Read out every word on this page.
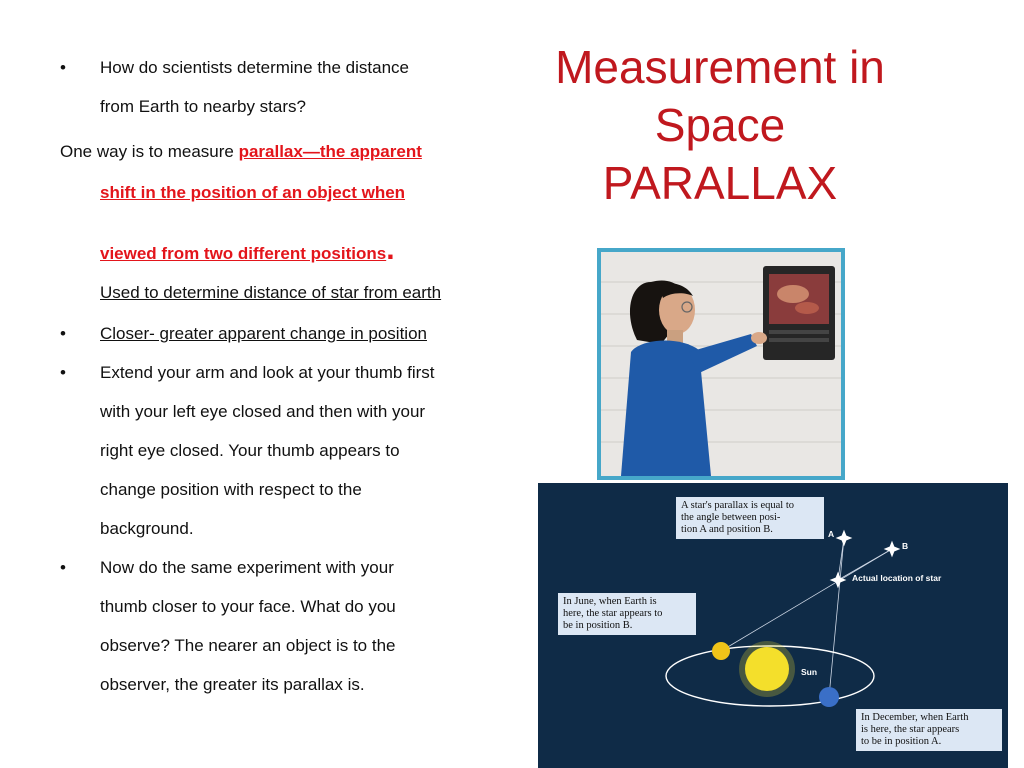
• How do scientists determine the distance
from Earth to nearby stars?
One way is to measure parallax—the apparent
shift in the position of an object when
viewed from two different positions.
Used to determine distance of star from earth
• Closer- greater apparent change in position
• Extend your arm and look at your thumb first
with your left eye closed and then with your
right eye closed. Your thumb appears to
change position with respect to the
background.
• Now do the same experiment with your
thumb closer to your face. What do you
observe? The nearer an object is to the
observer, the greater its parallax is.
Measurement in
Space
PARALLAX
A star's parallax is equal to
the angle between posi-
tion A and position B.
In June, when Earth is
here, the star appears to
be in position B.
In December, when Earth
is here, the star appears
to be in position A.
A
B
Actual location of star
Sun
